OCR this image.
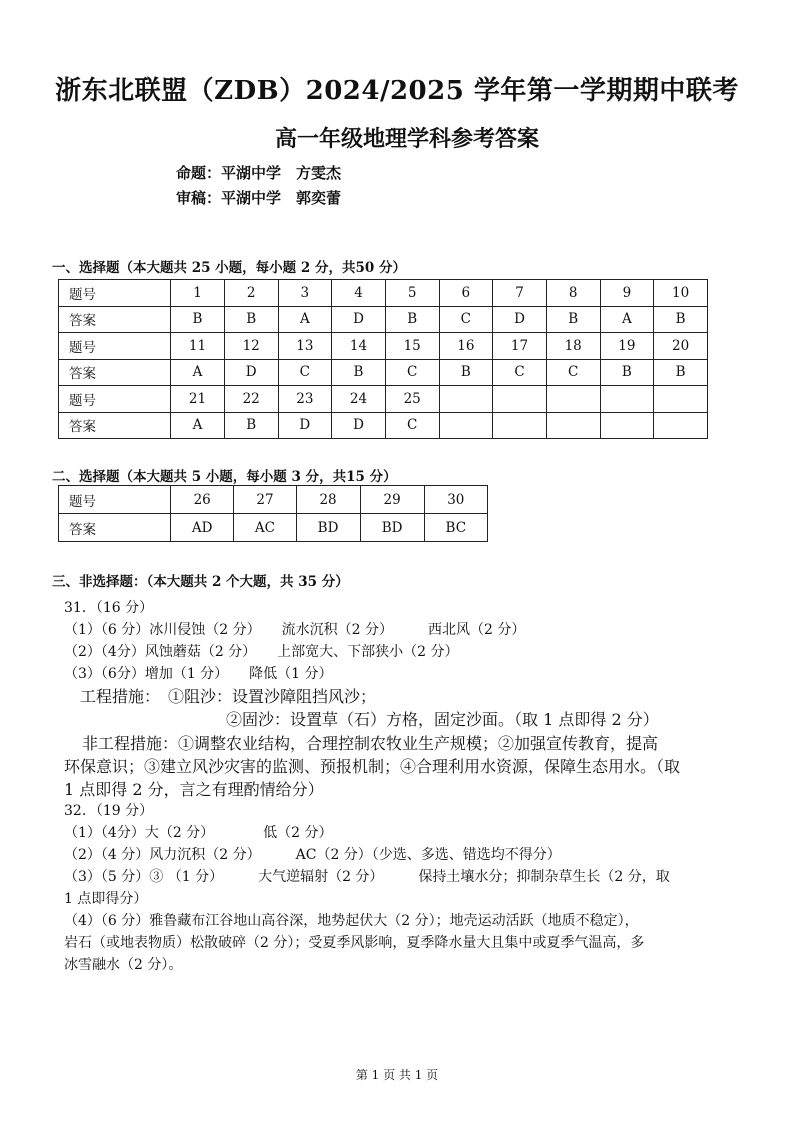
浙东北联盟（ZDB）2024/2025 学年第一学期期中联考
高一年级地理学科参考答案
命题：平湖中学　方雯杰
审稿：平湖中学　郭奕蕾
一、选择题（本大题共 25 小题，每小题 2 分，共50 分）
题号	1	2	3	4	5	6	7	8	9	10
答案	B	B	A	D	B	C	D	B	A	B
题号	11	12	13	14	15	16	17	18	19	20
答案	A	D	C	B	C	B	C	C	B	B
题号	21	22	23	24	25					
答案	A	B	D	D	C					
二、选择题（本大题共 5 小题，每小题 3 分，共15 分）
题号	26	27	28	29	30
答案	AD	AC	BD	BD	BC
三、非选择题：（本大题共 2 个大题，共 35 分）
31．（16 分）
（1）（6 分）冰川侵蚀（2 分）　　流水沉积（2 分）　　　西北风（2 分）
（2）（4分）风蚀蘑菇（2 分）　　上部宽大、下部狭小（2 分）
（3）（6分）增加（1 分）　　降低（1 分）
工程措施：　①阻沙：设置沙障阻挡风沙；
②固沙：设置草（石）方格，固定沙面。（取 1 点即得 2 分）
非工程措施：①调整农业结构，合理控制农牧业生产规模；②加强宣传教育，提高
环保意识；③建立风沙灾害的监测、预报机制；④合理利用水资源，保障生态用水。（取
1 点即得 2 分，言之有理酌情给分）
32．（19 分）
（1）（4分）大（2 分）　　　　低（2 分）
（2）（4 分）风力沉积（2 分）　　　AC（2 分）（少选、多选、错选均不得分）
（3）（5 分）③ （1 分）　　　大气逆辐射（2 分）　　　保持土壤水分；抑制杂草生长（2 分，取
1 点即得分）
（4）（6 分）雅鲁藏布江谷地山高谷深，地势起伏大（2 分）；地壳运动活跃（地质不稳定），
岩石（或地表物质）松散破碎（2 分）；受夏季风影响，夏季降水量大且集中或夏季气温高，多
冰雪融水（2 分）。
第 1 页 共 1 页
